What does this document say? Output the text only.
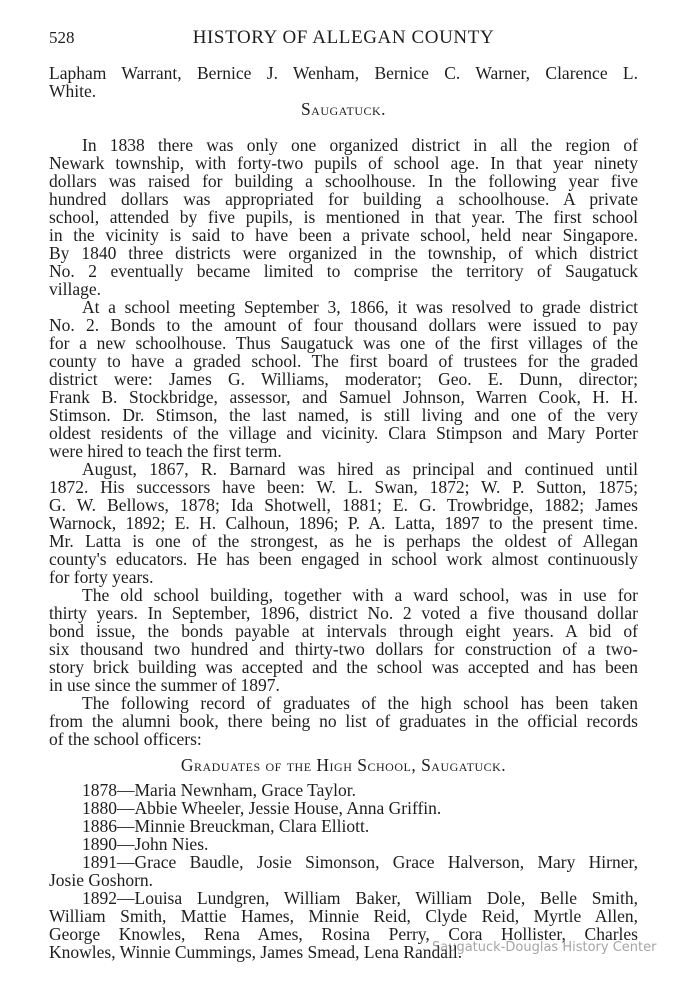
528	HISTORY OF ALLEGAN COUNTY
Lapham Warrant, Bernice J. Wenham, Bernice C. Warner, Clarence L.
White.
Saugatuck.
In 1838 there was only one organized district in all the region of
Newark township, with forty-two pupils of school age. In that year ninety
dollars was raised for building a schoolhouse. In the following year five
hundred dollars was appropriated for building a schoolhouse. A private
school, attended by five pupils, is mentioned in that year. The first school
in the vicinity is said to have been a private school, held near Singapore.
By 1840 three districts were organized in the township, of which district
No. 2 eventually became limited to comprise the territory of Saugatuck
village.
At a school meeting September 3, 1866, it was resolved to grade district
No. 2. Bonds to the amount of four thousand dollars were issued to pay
for a new schoolhouse. Thus Saugatuck was one of the first villages of the
county to have a graded school. The first board of trustees for the graded
district were: James G. Williams, moderator; Geo. E. Dunn, director;
Frank B. Stockbridge, assessor, and Samuel Johnson, Warren Cook, H. H.
Stimson. Dr. Stimson, the last named, is still living and one of the very
oldest residents of the village and vicinity. Clara Stimpson and Mary Porter
were hired to teach the first term.
August, 1867, R. Barnard was hired as principal and continued until
1872. His successors have been: W. L. Swan, 1872; W. P. Sutton, 1875;
G. W. Bellows, 1878; Ida Shotwell, 1881; E. G. Trowbridge, 1882; James
Warnock, 1892; E. H. Calhoun, 1896; P. A. Latta, 1897 to the present time.
Mr. Latta is one of the strongest, as he is perhaps the oldest of Allegan
county's educators. He has been engaged in school work almost continuously
for forty years.
The old school building, together with a ward school, was in use for
thirty years. In September, 1896, district No. 2 voted a five thousand dollar
bond issue, the bonds payable at intervals through eight years. A bid of
six thousand two hundred and thirty-two dollars for construction of a two-
story brick building was accepted and the school was accepted and has been
in use since the summer of 1897.
The following record of graduates of the high school has been taken
from the alumni book, there being no list of graduates in the official records
of the school officers:
Graduates of the High School, Saugatuck.
1878—Maria Newnham, Grace Taylor.
1880—Abbie Wheeler, Jessie House, Anna Griffin.
1886—Minnie Breuckman, Clara Elliott.
1890—John Nies.
1891—Grace Baudle, Josie Simonson, Grace Halverson, Mary Hirner,
Josie Goshorn.
1892—Louisa Lundgren, William Baker, William Dole, Belle Smith,
William Smith, Mattie Hames, Minnie Reid, Clyde Reid, Myrtle Allen,
George Knowles, Rena Ames, Rosina Perry, Cora Hollister, Charles
Knowles, Winnie Cummings, James Smead, Lena Randall.
Saugatuck-Douglas History Center
